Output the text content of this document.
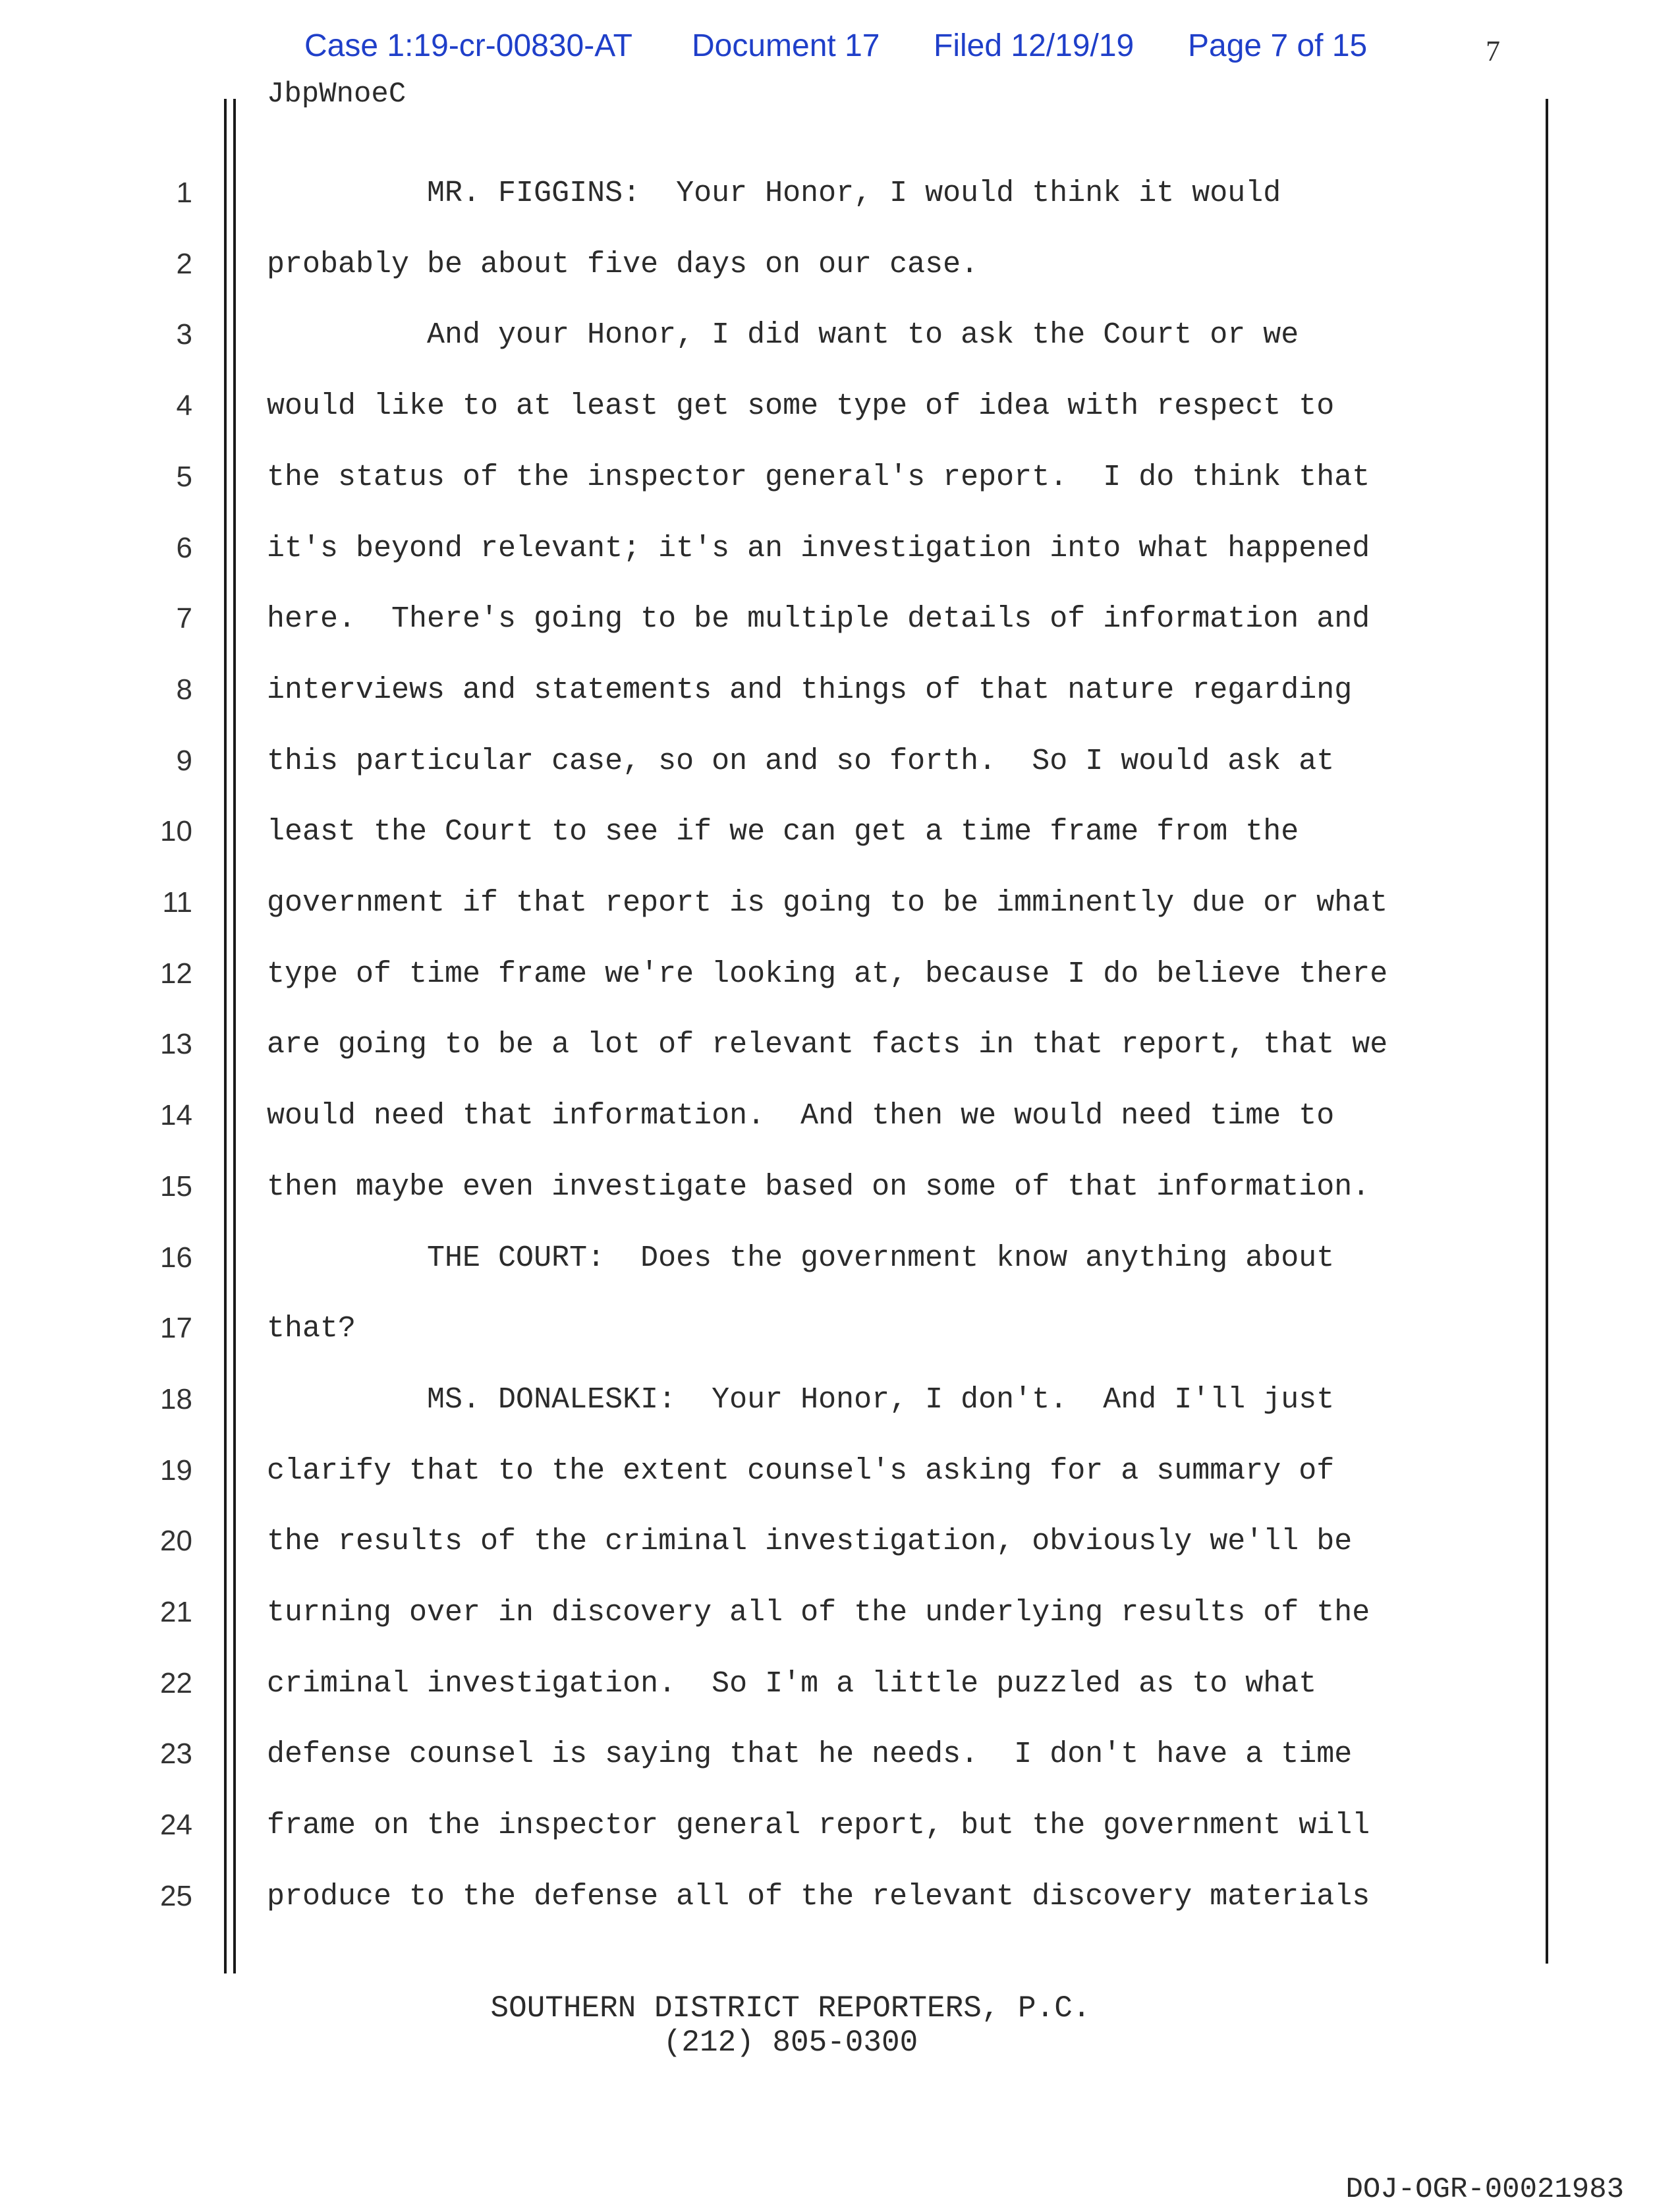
Case 1:19-cr-00830-AT Document 17 Filed 12/19/19 Page 7 of 15	7
JbpWnoeC
1	MR. FIGGINS:  Your Honor, I would think it would
2	probably be about five days on our case.
3	And your Honor, I did want to ask the Court or we
4	would like to at least get some type of idea with respect to
5	the status of the inspector general's report.  I do think that
6	it's beyond relevant; it's an investigation into what happened
7	here.  There's going to be multiple details of information and
8	interviews and statements and things of that nature regarding
9	this particular case, so on and so forth.  So I would ask at
10	least the Court to see if we can get a time frame from the
11	government if that report is going to be imminently due or what
12	type of time frame we're looking at, because I do believe there
13	are going to be a lot of relevant facts in that report, that we
14	would need that information.  And then we would need time to
15	then maybe even investigate based on some of that information.
16	THE COURT:  Does the government know anything about
17	that?
18	MS. DONALESKI:  Your Honor, I don't.  And I'll just
19	clarify that to the extent counsel's asking for a summary of
20	the results of the criminal investigation, obviously we'll be
21	turning over in discovery all of the underlying results of the
22	criminal investigation.  So I'm a little puzzled as to what
23	defense counsel is saying that he needs.  I don't have a time
24	frame on the inspector general report, but the government will
25	produce to the defense all of the relevant discovery materials
SOUTHERN DISTRICT REPORTERS, P.C.
(212) 805-0300
DOJ-OGR-00021983
